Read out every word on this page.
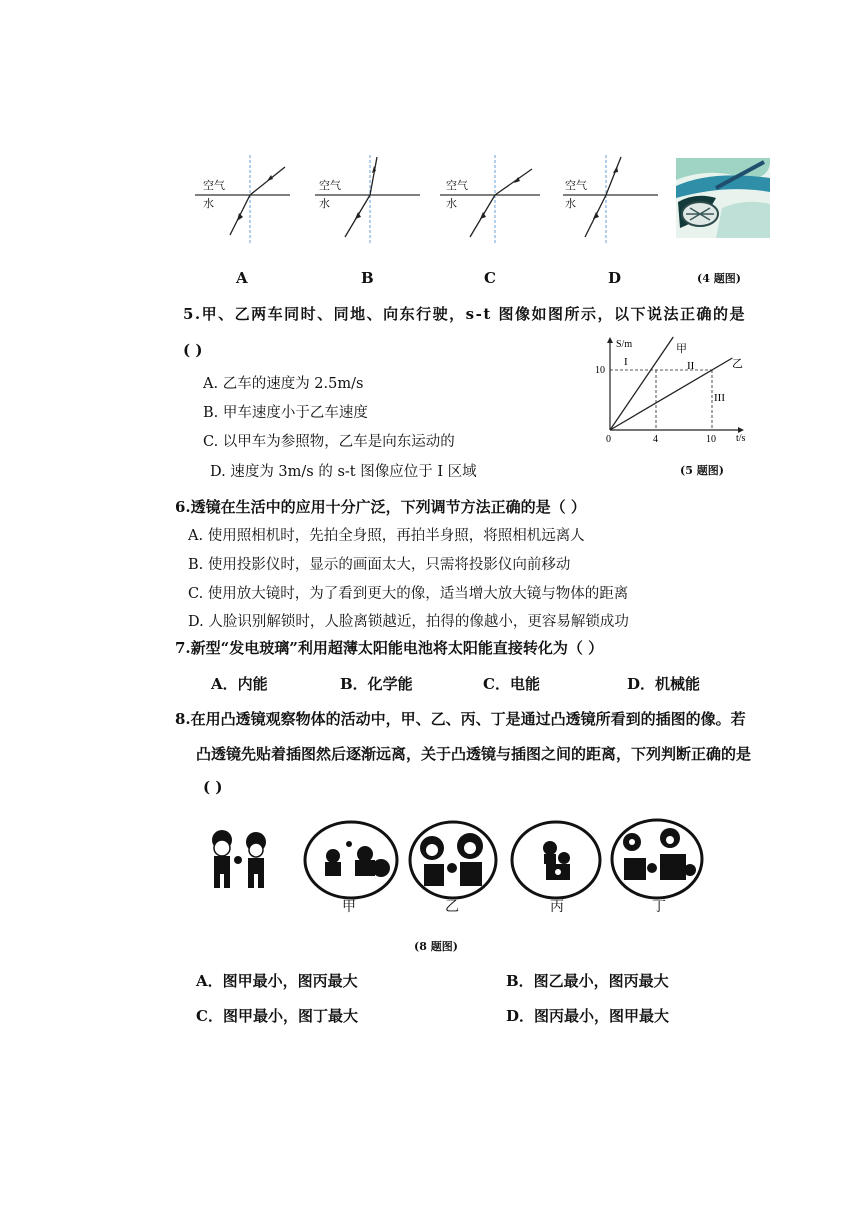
空气
水
空气
水
空气
水
空气
水
A	B	C	D	(4 题图)
5.甲、乙两车同时、同地、向东行驶，s-t 图像如图所示，以下说法正确的是
( )
A. 乙车的速度为 2.5m/s
B. 甲车速度小于乙车速度
C. 以甲车为参照物，乙车是向东运动的
D. 速度为 3m/s 的 s-t 图像应位于 I 区域
甲
乙
I	II
III
S/m
t/s
0	4	10
10
(5 题图)
6.透镜在生活中的应用十分广泛，下列调节方法正确的是（ ）
A. 使用照相机时，先拍全身照，再拍半身照，将照相机远离人
B. 使用投影仪时，显示的画面太大，只需将投影仪向前移动
C. 使用放大镜时，为了看到更大的像，适当增大放大镜与物体的距离
D. 人脸识别解锁时，人脸离锁越近，拍得的像越小，更容易解锁成功
7.新型“发电玻璃”利用超薄太阳能电池将太阳能直接转化为（ ）
A．内能	B．化学能	C．电能	D．机械能
8.在用凸透镜观察物体的活动中，甲、乙、丙、丁是通过凸透镜所看到的插图的像。若
凸透镜先贴着插图然后逐渐远离，关于凸透镜与插图之间的距离，下列判断正确的是
( )
甲	乙	丙	丁
(8 题图)
A．图甲最小，图丙最大	B．图乙最小，图丙最大
C．图甲最小，图丁最大	D．图丙最小，图甲最大
